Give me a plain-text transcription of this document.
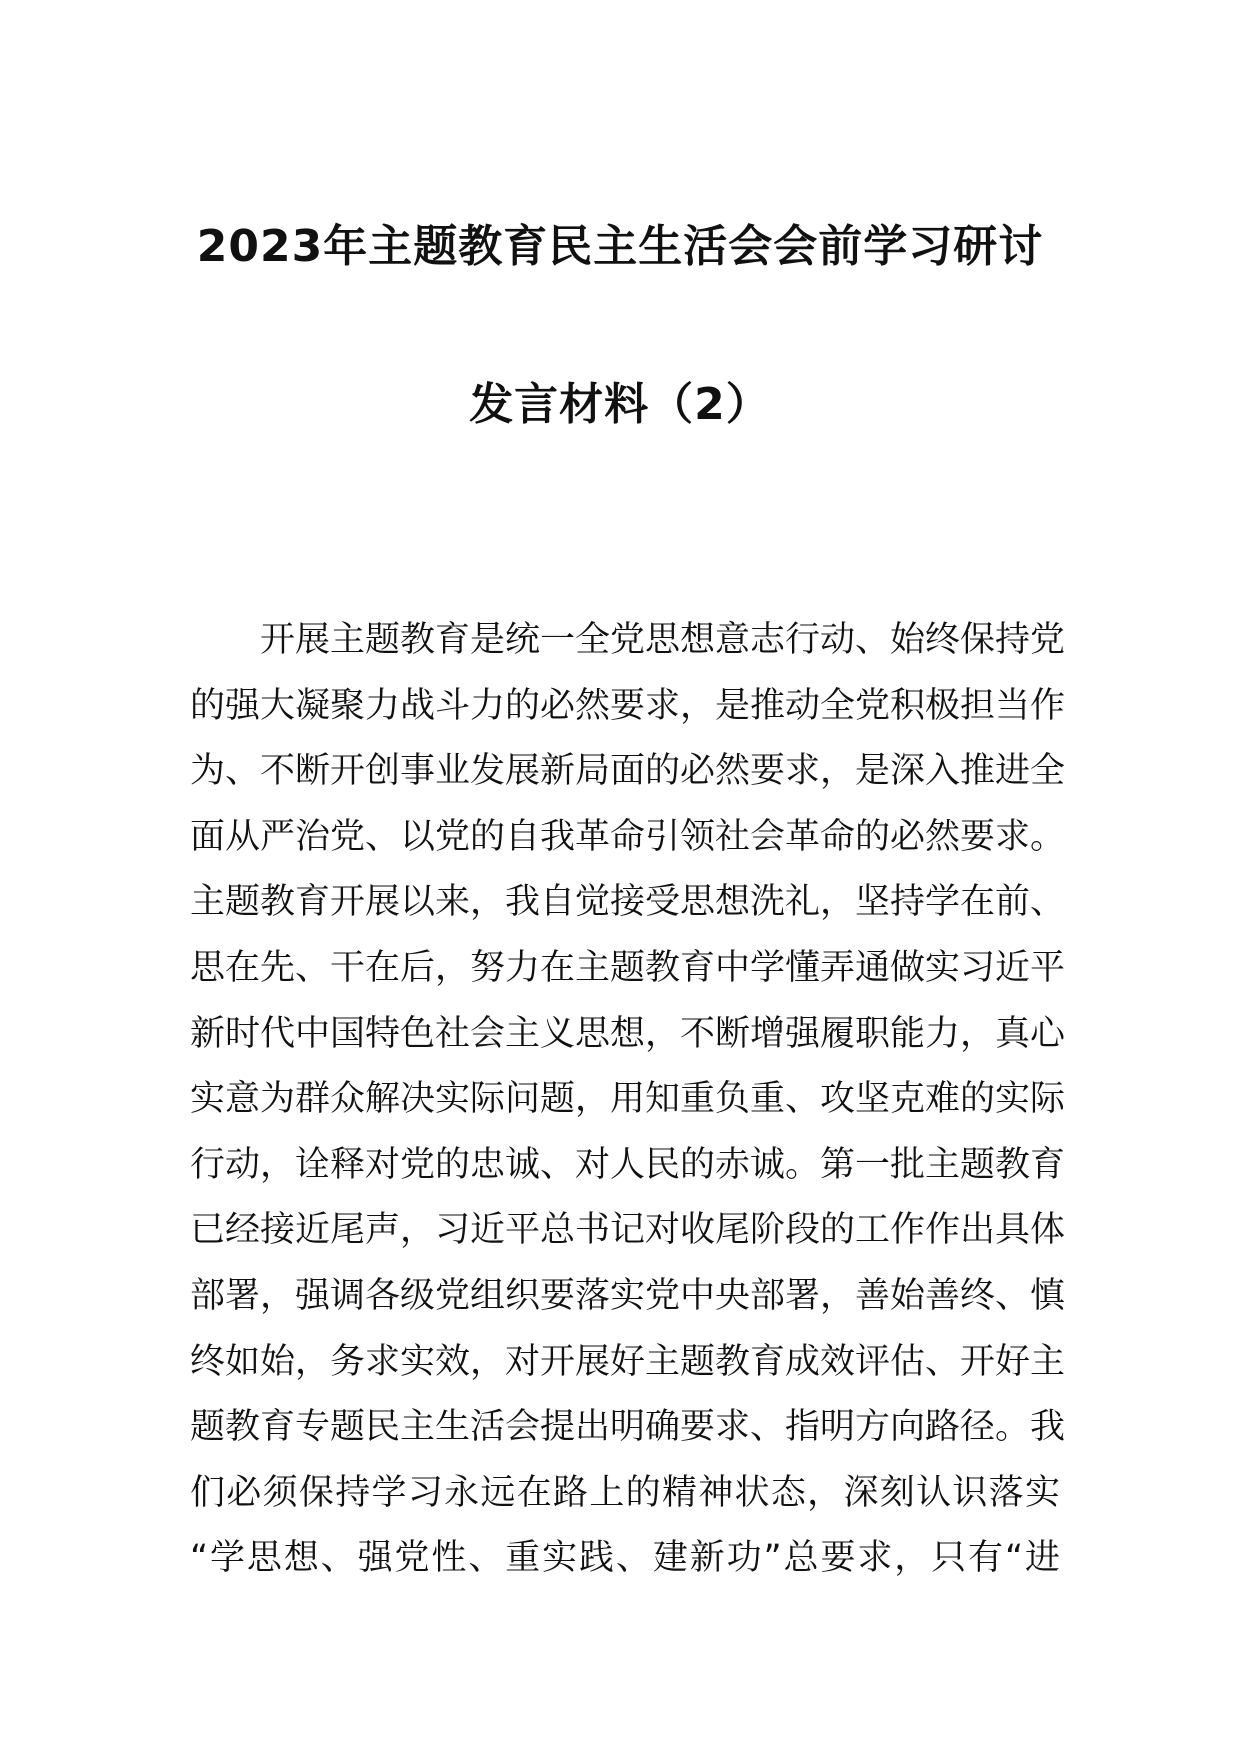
2023年主题教育民主生活会会前学习研讨
发言材料（2）
开展主题教育是统一全党思想意志行动、始终保持党
的强大凝聚力战斗力的必然要求，是推动全党积极担当作
为、不断开创事业发展新局面的必然要求，是深入推进全
面从严治党、以党的自我革命引领社会革命的必然要求。
主题教育开展以来，我自觉接受思想洗礼，坚持学在前、
思在先、干在后，努力在主题教育中学懂弄通做实习近平
新时代中国特色社会主义思想，不断增强履职能力，真心
实意为群众解决实际问题，用知重负重、攻坚克难的实际
行动，诠释对党的忠诚、对人民的赤诚。第一批主题教育
已经接近尾声，习近平总书记对收尾阶段的工作作出具体
部署，强调各级党组织要落实党中央部署，善始善终、慎
终如始，务求实效，对开展好主题教育成效评估、开好主
题教育专题民主生活会提出明确要求、指明方向路径。我
们必须保持学习永远在路上的精神状态，深刻认识落实
“学思想、强党性、重实践、建新功”总要求，只有“进
